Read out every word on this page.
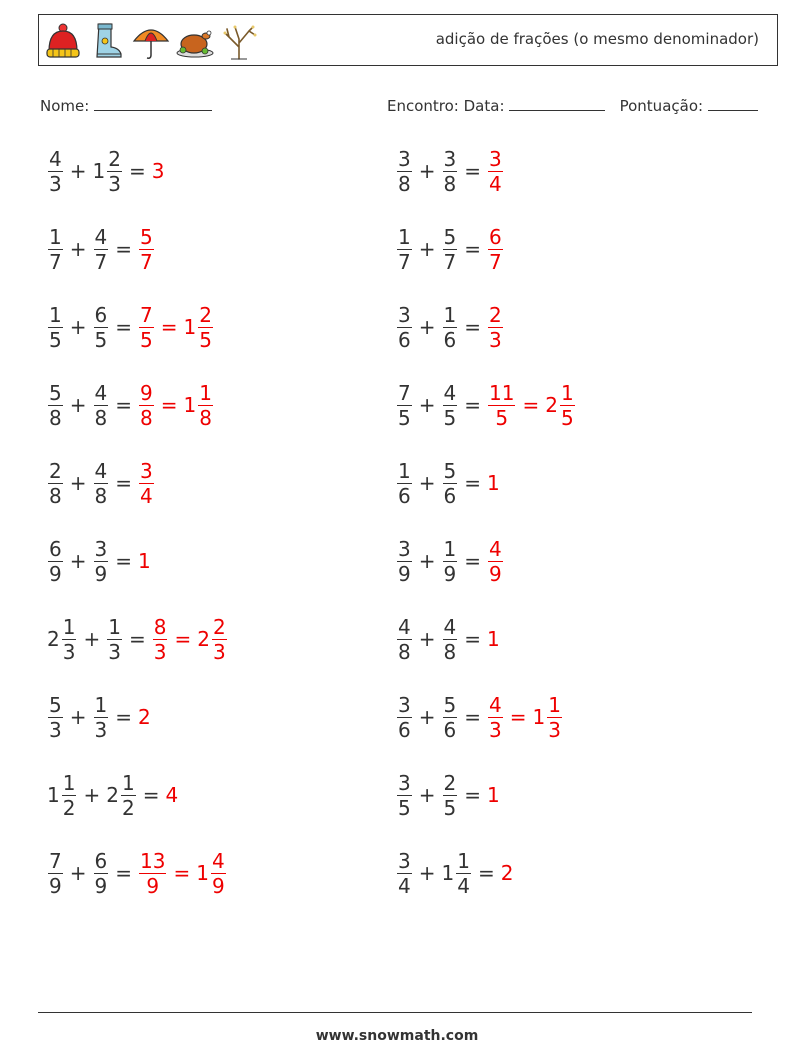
adição de frações (o mesmo denominador)
Nome:	Encontro: Data:	Pontuação:
$\frac{4}{3} + 1 \frac{2}{3} = 3$
$\frac{1}{7} + \frac{4}{7} = \frac{5}{7}$
$\frac{1}{5} + \frac{6}{5} = \frac{7}{5} = 1 \frac{2}{5}$
$\frac{5}{8} + \frac{4}{8} = \frac{9}{8} = 1 \frac{1}{8}$
$\frac{2}{8} + \frac{4}{8} = \frac{3}{4}$
$\frac{6}{9} + \frac{3}{9} = 1$
$2 \frac{1}{3} + \frac{1}{3} = \frac{8}{3} = 2 \frac{2}{3}$
$\frac{5}{3} + \frac{1}{3} = 2$
$1 \frac{1}{2} + 2 \frac{1}{2} = 4$
$\frac{7}{9} + \frac{6}{9} = \frac{13}{9} = 1 \frac{4}{9}$
$\frac{3}{8} + \frac{3}{8} = \frac{3}{4}$
$\frac{1}{7} + \frac{5}{7} = \frac{6}{7}$
$\frac{3}{6} + \frac{1}{6} = \frac{2}{3}$
$\frac{7}{5} + \frac{4}{5} = \frac{11}{5} = 2 \frac{1}{5}$
$\frac{1}{6} + \frac{5}{6} = 1$
$\frac{3}{9} + \frac{1}{9} = \frac{4}{9}$
$\frac{4}{8} + \frac{4}{8} = 1$
$\frac{3}{6} + \frac{5}{6} = \frac{4}{3} = 1 \frac{1}{3}$
$\frac{3}{5} + \frac{2}{5} = 1$
$\frac{3}{4} + 1 \frac{1}{4} = 2$
www.snowmath.com
